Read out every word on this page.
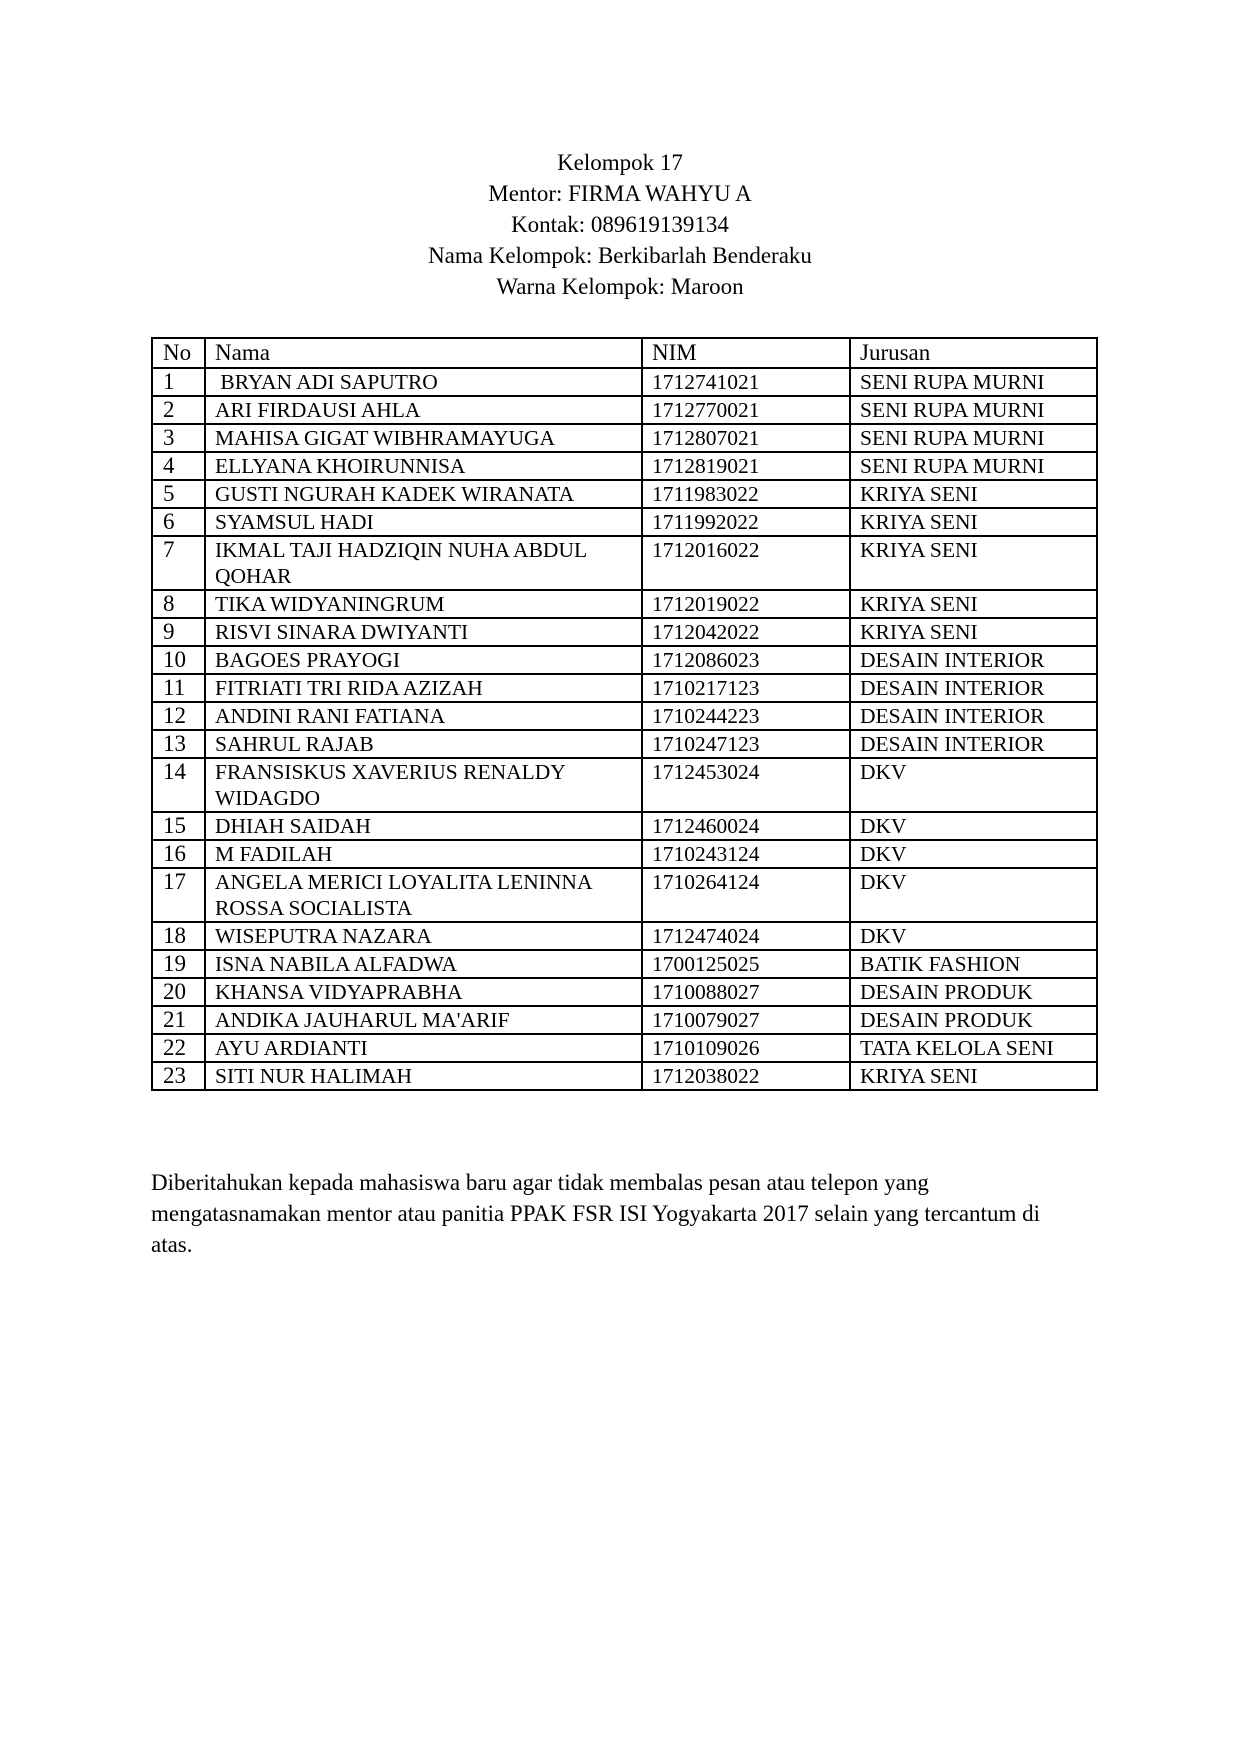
Kelompok 17
Mentor: FIRMA WAHYU A
Kontak: 089619139134
Nama Kelompok: Berkibarlah Benderaku
Warna Kelompok: Maroon
No	Nama	NIM	Jurusan
1	BRYAN ADI SAPUTRO	1712741021	SENI RUPA MURNI
2	ARI FIRDAUSI AHLA	1712770021	SENI RUPA MURNI
3	MAHISA GIGAT WIBHRAMAYUGA	1712807021	SENI RUPA MURNI
4	ELLYANA KHOIRUNNISA	1712819021	SENI RUPA MURNI
5	GUSTI NGURAH KADEK WIRANATA	1711983022	KRIYA SENI
6	SYAMSUL HADI	1711992022	KRIYA SENI
7	IKMAL TAJI HADZIQIN NUHA ABDUL QOHAR	1712016022	KRIYA SENI
8	TIKA WIDYANINGRUM	1712019022	KRIYA SENI
9	RISVI SINARA DWIYANTI	1712042022	KRIYA SENI
10	BAGOES PRAYOGI	1712086023	DESAIN INTERIOR
11	FITRIATI TRI RIDA AZIZAH	1710217123	DESAIN INTERIOR
12	ANDINI RANI FATIANA	1710244223	DESAIN INTERIOR
13	SAHRUL RAJAB	1710247123	DESAIN INTERIOR
14	FRANSISKUS XAVERIUS RENALDY WIDAGDO	1712453024	DKV
15	DHIAH SAIDAH	1712460024	DKV
16	M FADILAH	1710243124	DKV
17	ANGELA MERICI LOYALITA LENINNA ROSSA SOCIALISTA	1710264124	DKV
18	WISEPUTRA NAZARA	1712474024	DKV
19	ISNA NABILA ALFADWA	1700125025	BATIK FASHION
20	KHANSA VIDYAPRABHA	1710088027	DESAIN PRODUK
21	ANDIKA JAUHARUL MA'ARIF	1710079027	DESAIN PRODUK
22	AYU ARDIANTI	1710109026	TATA KELOLA SENI
23	SITI NUR HALIMAH	1712038022	KRIYA SENI
Diberitahukan kepada mahasiswa baru agar tidak membalas pesan atau telepon yang mengatasnamakan mentor atau panitia PPAK FSR ISI Yogyakarta 2017 selain yang tercantum di atas.
